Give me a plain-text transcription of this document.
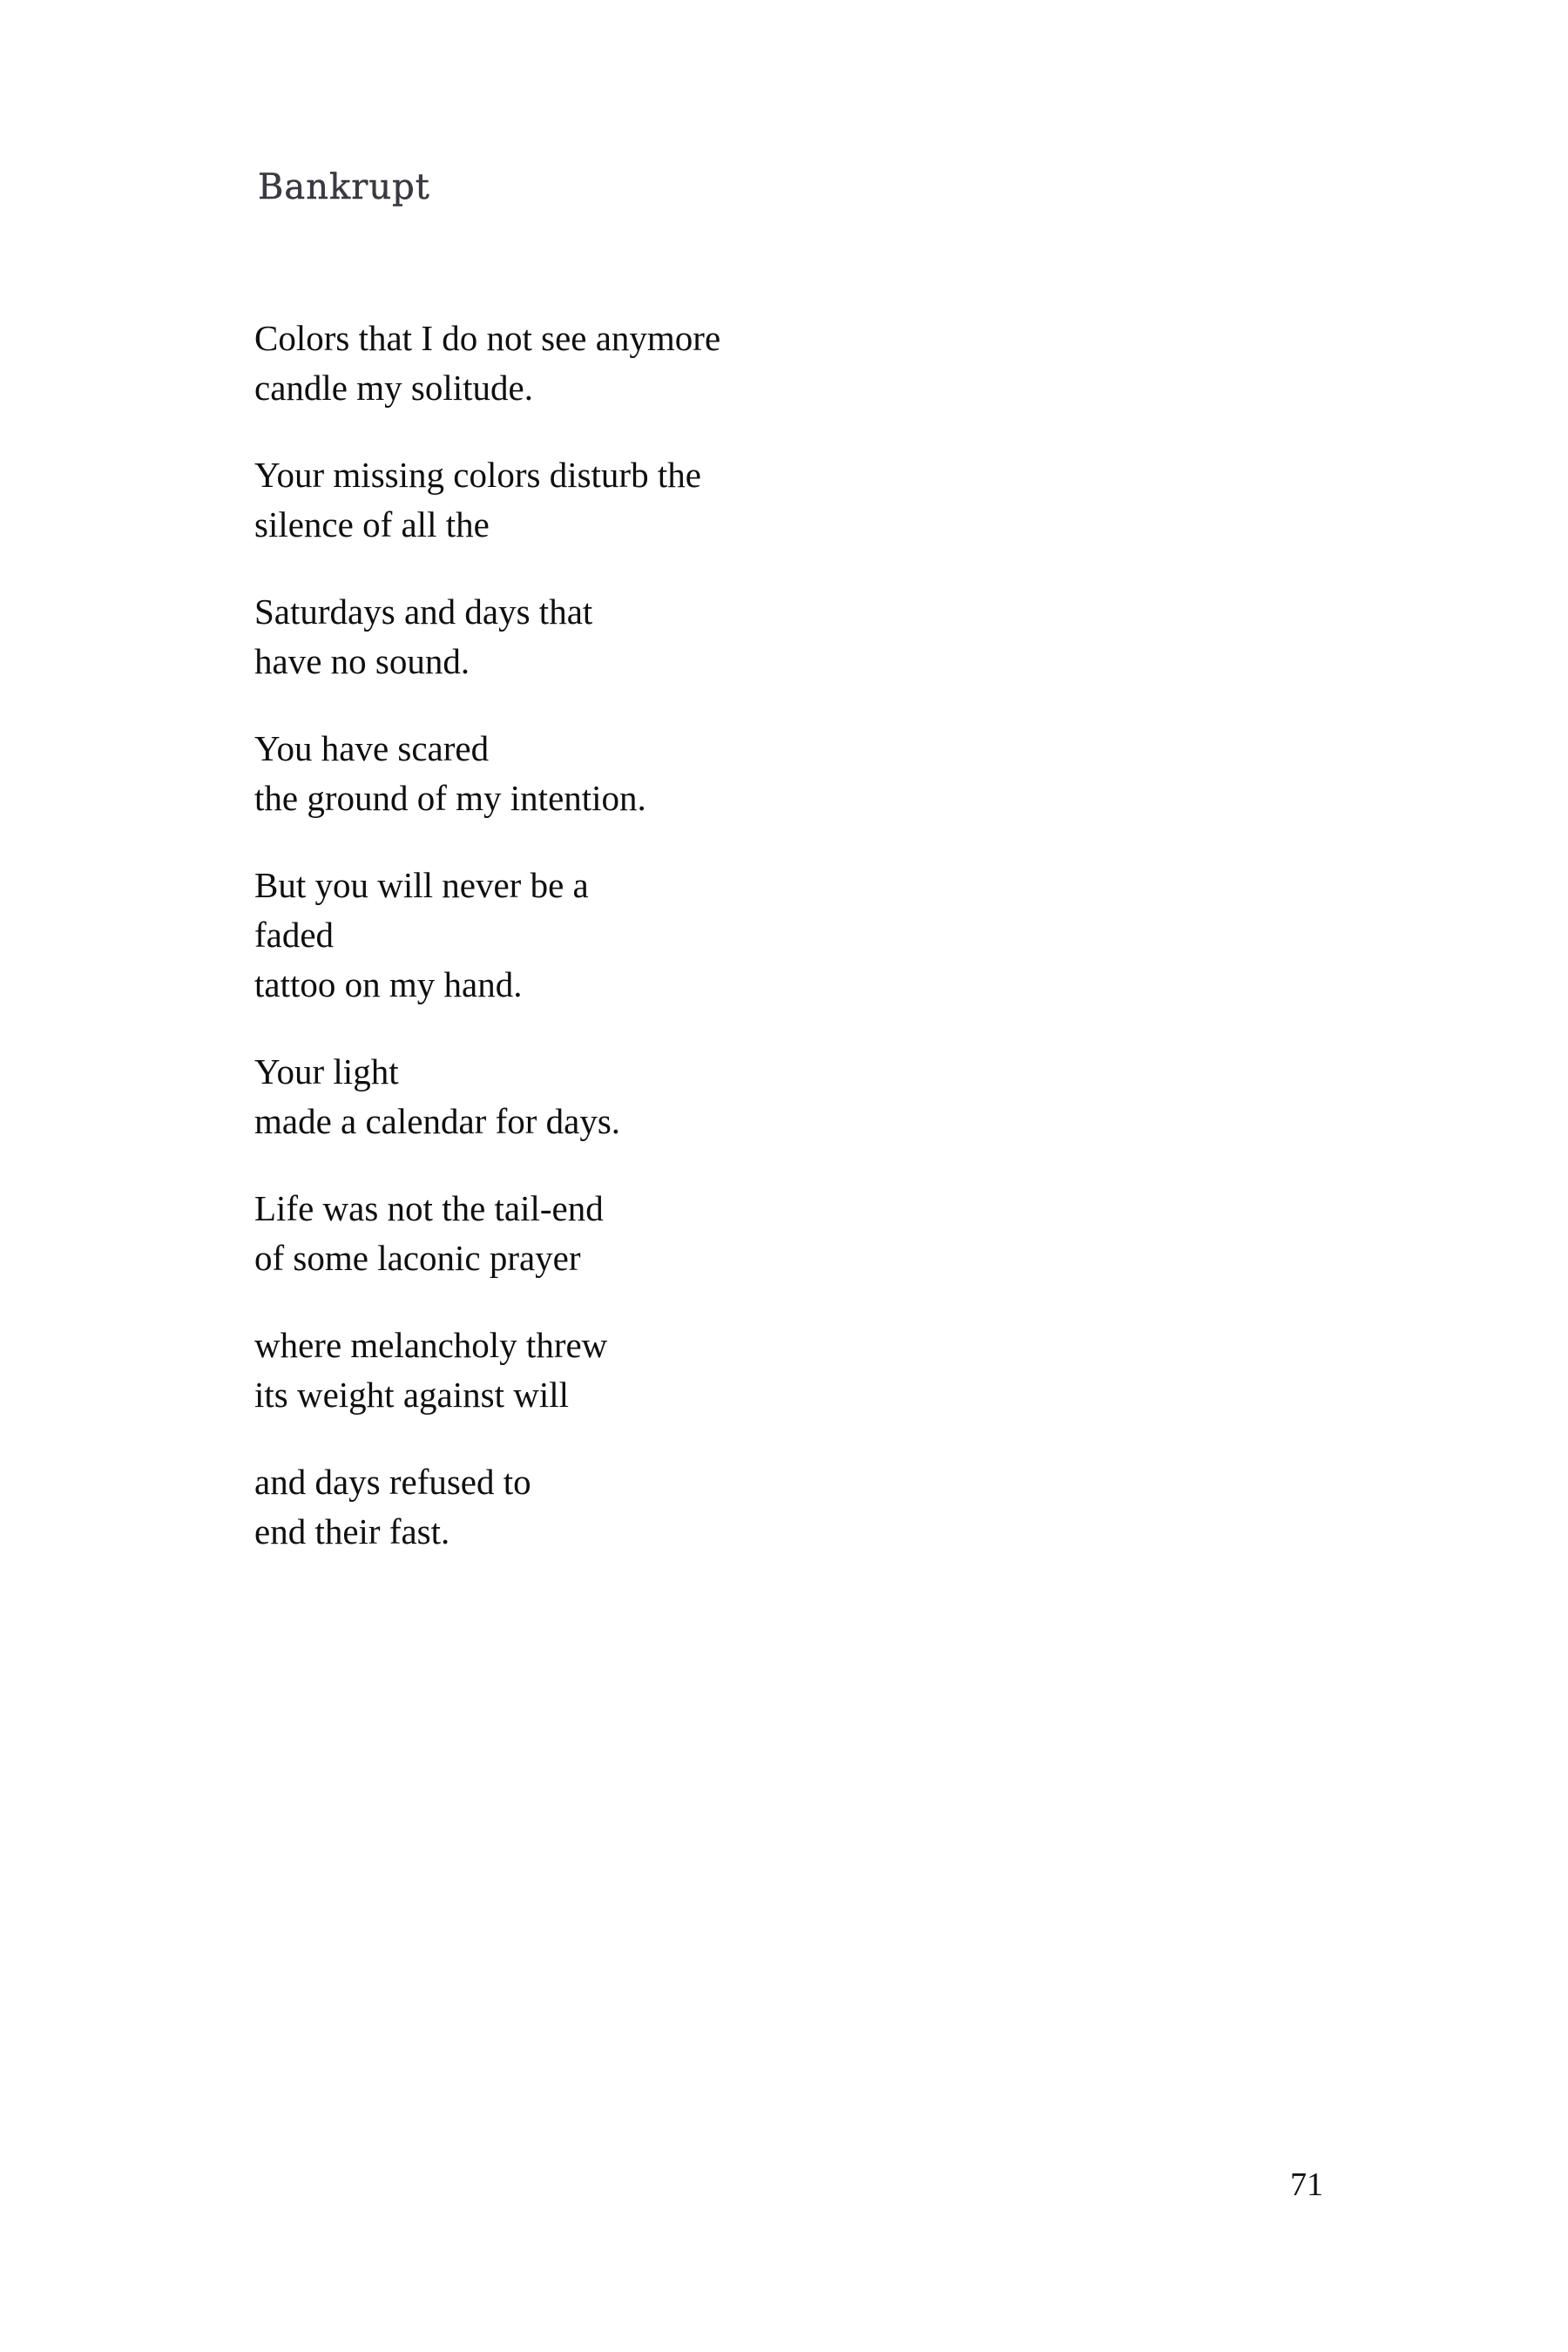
Bankrupt
Colors that I do not see anymore
candle my solitude.
Your missing colors disturb the
silence of all the
Saturdays and days that
have no sound.
You have scared
the ground of my intention.
But you will never be a
faded
tattoo on my hand.
Your light
made a calendar for days.
Life was not the tail-end
of some laconic prayer
where melancholy threw
its weight against will
and days refused to
end their fast.
71
